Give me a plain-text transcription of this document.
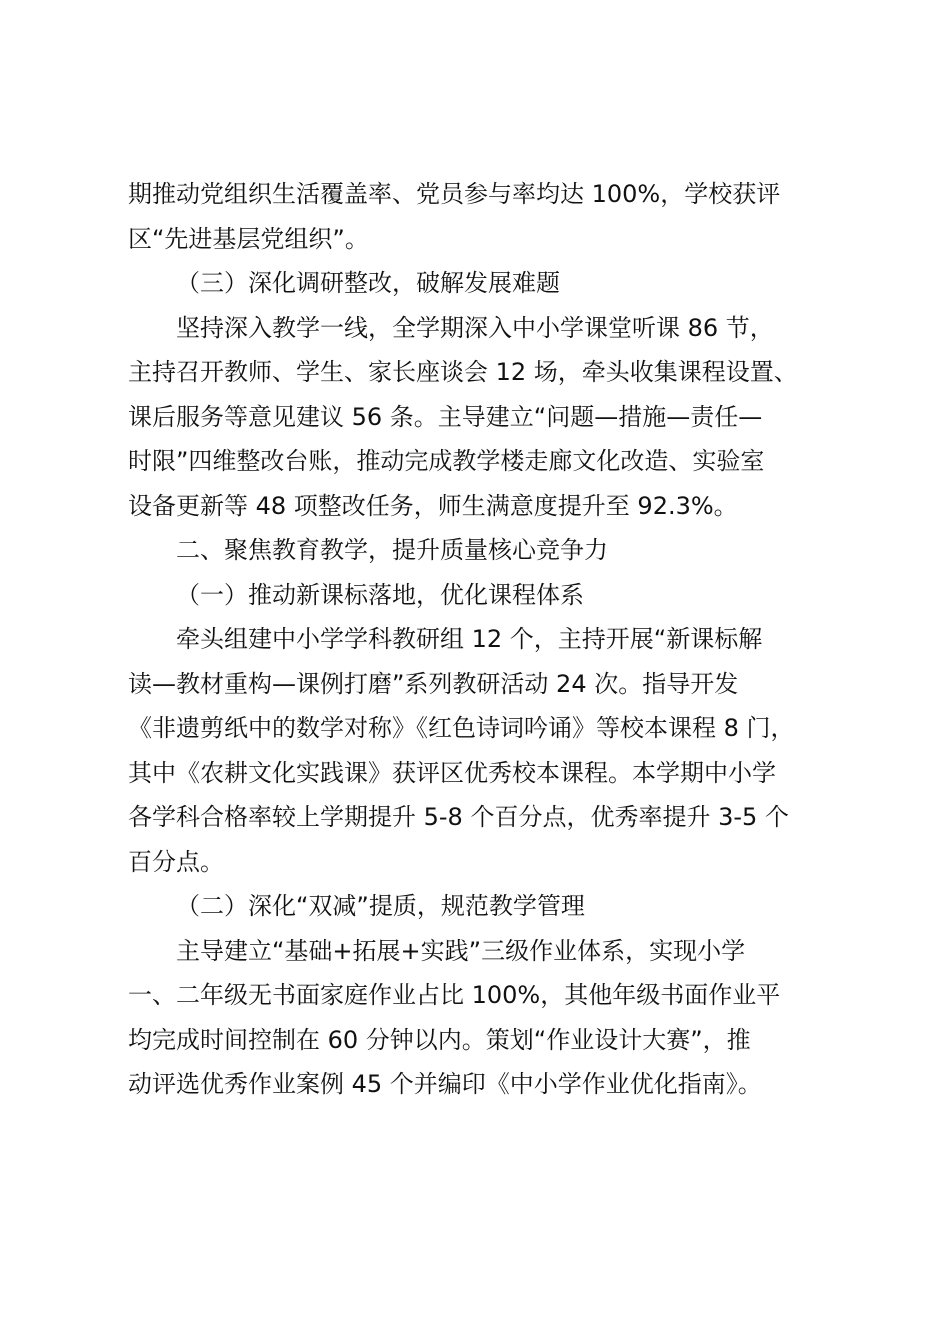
期推动党组织生活覆盖率、党员参与率均达 100%，学校获评
区“先进基层党组织”。

（三）深化调研整改，破解发展难题

坚持深入教学一线，全学期深入中小学课堂听课 86 节，
主持召开教师、学生、家长座谈会 12 场，牵头收集课程设置、
课后服务等意见建议 56 条。主导建立“问题—措施—责任—
时限”四维整改台账，推动完成教学楼走廊文化改造、实验室
设备更新等 48 项整改任务，师生满意度提升至 92.3%。

二、聚焦教育教学，提升质量核心竞争力

（一）推动新课标落地，优化课程体系

牵头组建中小学学科教研组 12 个，主持开展“新课标解
读—教材重构—课例打磨”系列教研活动 24 次。指导开发
《非遗剪纸中的数学对称》《红色诗词吟诵》等校本课程 8 门，
其中《农耕文化实践课》获评区优秀校本课程。本学期中小学
各学科合格率较上学期提升 5-8 个百分点，优秀率提升 3-5 个
百分点。

（二）深化“双减”提质，规范教学管理

主导建立“基础+拓展+实践”三级作业体系，实现小学
一、二年级无书面家庭作业占比 100%，其他年级书面作业平
均完成时间控制在 60 分钟以内。策划“作业设计大赛”，推
动评选优秀作业案例 45 个并编印《中小学作业优化指南》。
